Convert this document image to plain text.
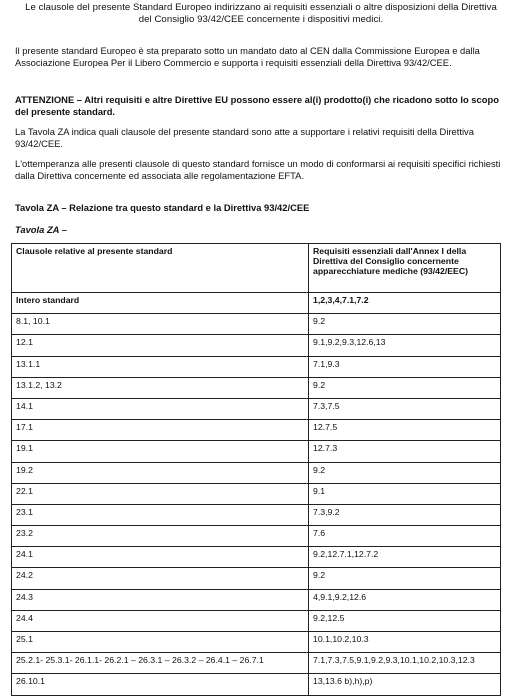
Le clausole del presente Standard Europeo indirizzano ai requisiti essenziali o altre disposizioni della Direttiva del Consiglio 93/42/CEE concernente i dispositivi medici.
Il presente standard Europeo è sta preparato sotto un mandato dato al CEN dalla Commissione Europea e dalla Associazione Europea Per il Libero Commercio e supporta i requisiti essenziali della Direttiva 93/42/CEE.
ATTENZIONE – Altri requisiti e altre Direttive EU possono essere al(i) prodotto(i) che ricadono sotto lo scopo del presente standard.
La Tavola ZA indica quali clausole del presente standard sono atte a supportare i relativi requisiti della Direttiva 93/42/CEE.
L'ottemperanza alle presenti clausole di questo standard fornisce un modo di conformarsi ai requisiti specifici richiesti dalla Direttiva concernente ed associata alle regolamentazione EFTA.
Tavola ZA – Relazione tra questo standard e la Direttiva 93/42/CEE
Tavola ZA –
Clausole relative al presente standard	Requisiti essenziali dall'Annex I della Direttiva del Consiglio concernente apparecchiature mediche (93/42/EEC)
Intero standard	1,2,3,4,7.1,7.2
8.1, 10.1	9.2
12.1	9.1,9.2,9.3,12.6,13
13.1.1	7.1,9.3
13.1.2, 13.2	9.2
14.1	7.3,7.5
17.1	12.7.5
19.1	12.7.3
19.2	9.2
22.1	9.1
23.1	7.3,9.2
23.2	7.6
24.1	9.2,12.7.1,12.7.2
24.2	9.2
24.3	4,9.1,9.2,12.6
24.4	9.2,12.5
25.1	10.1,10.2,10.3
25.2.1- 25.3.1- 26.1.1- 26.2.1 – 26.3.1 – 26.3.2 – 26.4.1 – 26.7.1	7.1,7.3,7.5,9.1,9.2,9.3,10.1,10.2,10.3,12.3
26.10.1	13,13.6 b),h),p)
